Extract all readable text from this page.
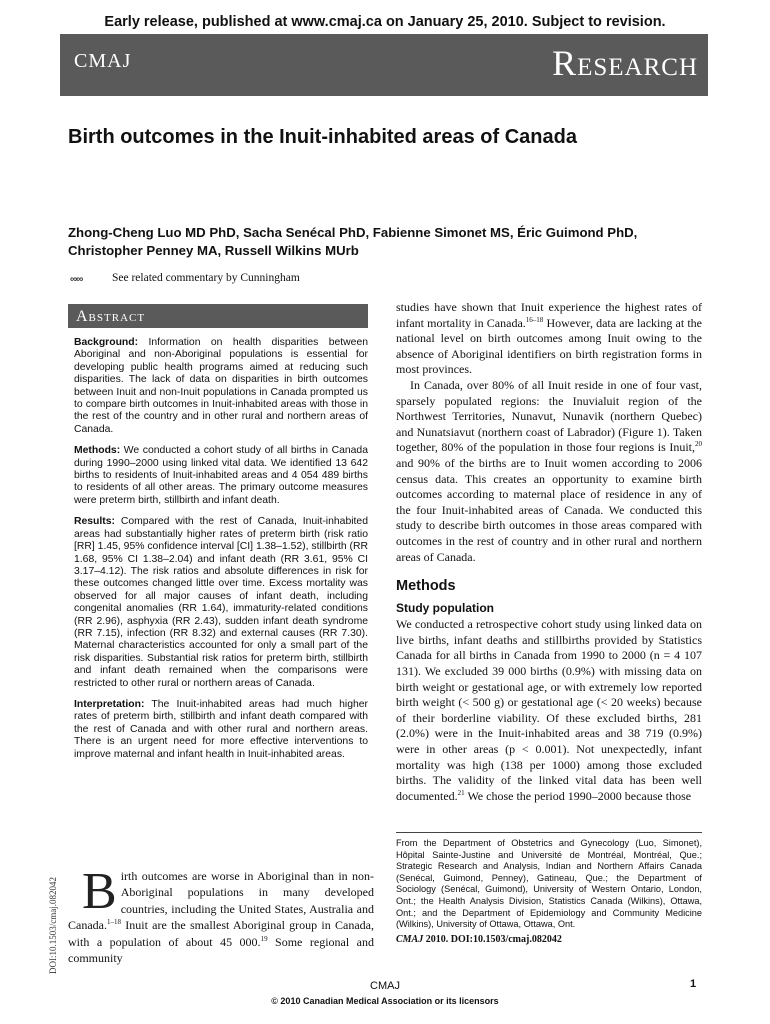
Early release, published at www.cmaj.ca on January 25, 2010. Subject to revision.
CMAJ	Research
Birth outcomes in the Inuit-inhabited areas of Canada
Zhong-Cheng Luo MD PhD, Sacha Senécal PhD, Fabienne Simonet MS, Éric Guimond PhD,
Christopher Penney MA, Russell Wilkins MUrb
∞∞	See related commentary by Cunningham
Abstract

Background: Information on health disparities between Aboriginal and non-Aboriginal populations is essential for developing public health programs aimed at reducing such disparities. The lack of data on disparities in birth outcomes between Inuit and non-Inuit populations in Canada prompted us to compare birth outcomes in Inuit-inhabited areas with those in the rest of the country and in other rural and northern areas of Canada.

Methods: We conducted a cohort study of all births in Canada during 1990–2000 using linked vital data. We identified 13 642 births to residents of Inuit-inhabited areas and 4 054 489 births to residents of all other areas. The primary outcome measures were preterm birth, stillbirth and infant death.

Results: Compared with the rest of Canada, Inuit-inhabited areas had substantially higher rates of preterm birth (risk ratio [RR] 1.45, 95% confidence interval [CI] 1.38–1.52), stillbirth (RR 1.68, 95% CI 1.38–2.04) and infant death (RR 3.61, 95% CI 3.17–4.12). The risk ratios and absolute differences in risk for these outcomes changed little over time. Excess mortality was observed for all major causes of infant death, including congenital anomalies (RR 1.64), immaturity-related conditions (RR 2.96), asphyxia (RR 2.43), sudden infant death syndrome (RR 7.15), infection (RR 8.32) and external causes (RR 7.30). Maternal characteristics accounted for only a small part of the risk disparities. Substantial risk ratios for preterm birth, stillbirth and infant death remained when the comparisons were restricted to other rural or northern areas of Canada.

Interpretation: The Inuit-inhabited areas had much higher rates of preterm birth, stillbirth and infant death compared with the rest of Canada and with other rural and northern areas. There is an urgent need for more effective interventions to improve maternal and infant health in Inuit-inhabited areas.

DOI:10.1503/cmaj.082042 Birth outcomes are worse in Aboriginal than in non-Aboriginal populations in many developed countries, including the United States, Australia and Canada.$^{1-18}$ Inuit are the smallest Aboriginal group in Canada, with a population of about 45 000.19 Some regional and community

studies have shown that Inuit experience the highest rates of infant mortality in Canada.$^{16-18}$ However, data are lacking at the national level on birth outcomes among Inuit owing to the absence of Aboriginal identifiers on birth registration forms in most provinces.

In Canada, over 80% of all Inuit reside in one of four vast, sparsely populated regions: the Inuvialuit region of the Northwest Territories, Nunavut, Nunavik (northern Quebec) and Nunatsiavut (northern coast of Labrador) (Figure 1). Taken together, 80% of the population in those four regions is Inuit,$^{20}$ and 90% of the births are to Inuit women according to 2006 census data. This creates an opportunity to examine birth outcomes according to maternal place of residence in any of the four Inuit-inhabited areas of Canada. We conducted this study to describe birth outcomes in those areas compared with outcomes in the rest of country and in other rural and northern areas of Canada.

Methods
Study population

We conducted a retrospective cohort study using linked data on live births, infant deaths and stillbirths provided by Statistics Canada for all births in Canada from 1990 to 2000 (n = 4 107 131). We excluded 39 000 births (0.9%) with missing data on birth weight or gestational age, or with extremely low reported birth weight (< 500 g) or gestational age (< 20 weeks) because of their borderline viability. Of these excluded births, 281 (2.0%) were in the Inuit-inhabited areas and 38 719 (0.9%) were in other areas (p < 0.001). Not unexpectedly, infant mortality was high (138 per 1000) among those excluded births. The validity of the linked vital data has been well documented.$^{21}$ We chose the period 1990–2000 because those

From the Department of Obstetrics and Gynecology (Luo, Simonet), Hôpital Sainte-Justine and Université de Montréal, Montréal, Que.; Strategic Research and Analysis, Indian and Northern Affairs Canada (Senécal, Guimond, Penney), Gatineau, Que.; the Department of Sociology (Senécal, Guimond), University of Western Ontario, London, Ont.; the Health Analysis Division, Statistics Canada (Wilkins), Ottawa, Ont.; and the Department of Epidemiology and Community Medicine (Wilkins), University of Ottawa, Ottawa, Ont.
CMAJ 2010. DOI:10.1503/cmaj.082042
CMAJ
© 2010 Canadian Medical Association or its licensors
1
